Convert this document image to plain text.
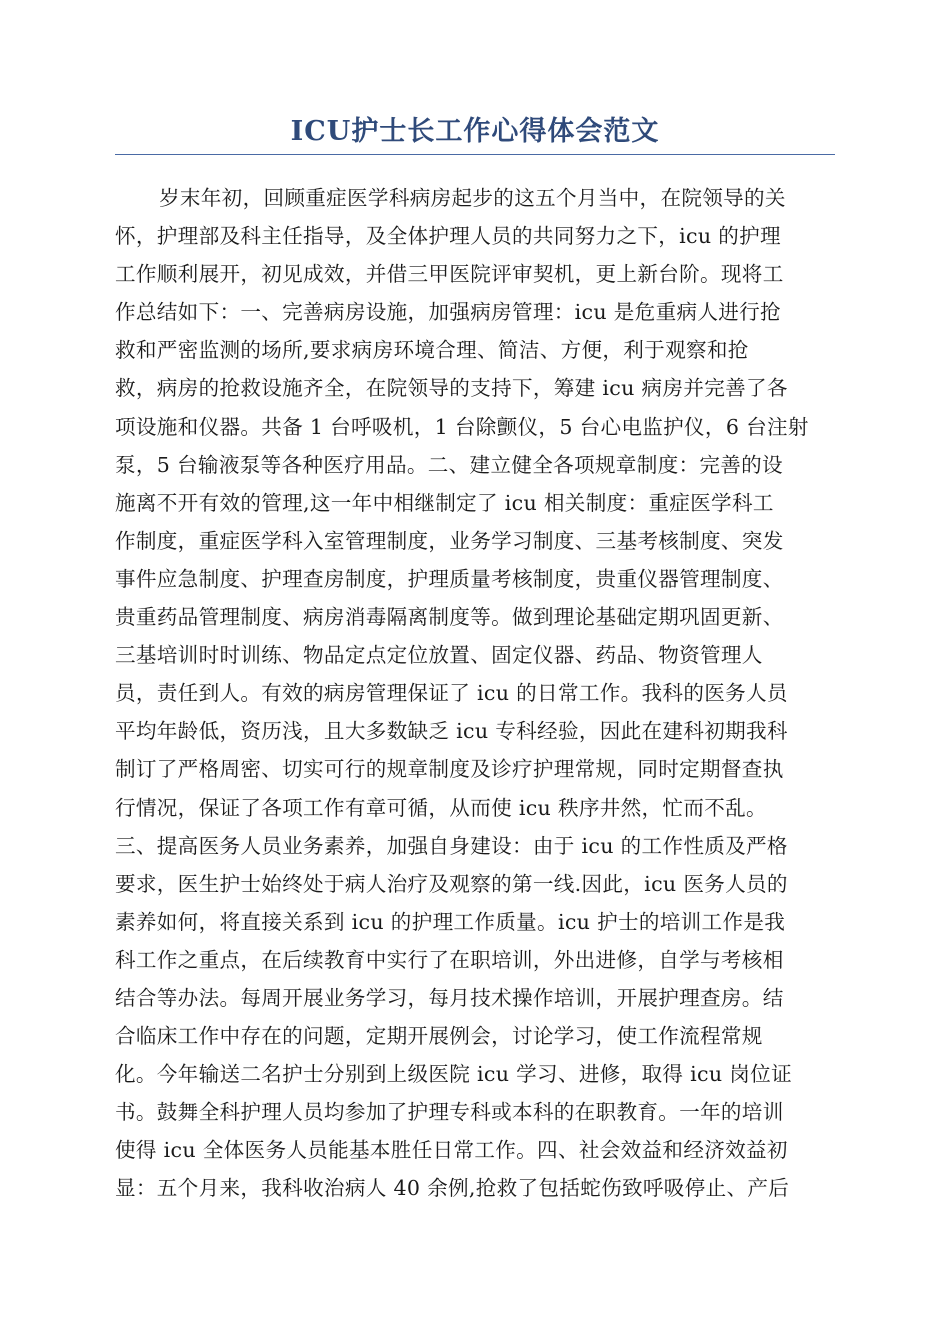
ICU护士长工作心得体会范文
岁末年初，回顾重症医学科病房起步的这五个月当中，在院领导的关
怀，护理部及科主任指导，及全体护理人员的共同努力之下，icu 的护理
工作顺利展开，初见成效，并借三甲医院评审契机，更上新台阶。现将工
作总结如下：一、完善病房设施，加强病房管理：icu 是危重病人进行抢
救和严密监测的场所,要求病房环境合理、简洁、方便，利于观察和抢
救，病房的抢救设施齐全，在院领导的支持下，筹建 icu 病房并完善了各
项设施和仪器。共备 1 台呼吸机，1 台除颤仪，5 台心电监护仪，6 台注射
泵，5 台输液泵等各种医疗用品。二、建立健全各项规章制度：完善的设
施离不开有效的管理,这一年中相继制定了 icu 相关制度：重症医学科工
作制度，重症医学科入室管理制度，业务学习制度、三基考核制度、突发
事件应急制度、护理查房制度，护理质量考核制度，贵重仪器管理制度、
贵重药品管理制度、病房消毒隔离制度等。做到理论基础定期巩固更新、
三基培训时时训练、物品定点定位放置、固定仪器、药品、物资管理人
员，责任到人。有效的病房管理保证了 icu 的日常工作。我科的医务人员
平均年龄低，资历浅，且大多数缺乏 icu 专科经验，因此在建科初期我科
制订了严格周密、切实可行的规章制度及诊疗护理常规，同时定期督查执
行情况，保证了各项工作有章可循，从而使 icu 秩序井然，忙而不乱。
三、提高医务人员业务素养，加强自身建设：由于 icu 的工作性质及严格
要求，医生护士始终处于病人治疗及观察的第一线.因此，icu 医务人员的
素养如何，将直接关系到 icu 的护理工作质量。icu 护士的培训工作是我
科工作之重点，在后续教育中实行了在职培训，外出进修，自学与考核相
结合等办法。每周开展业务学习，每月技术操作培训，开展护理查房。结
合临床工作中存在的问题，定期开展例会，讨论学习，使工作流程常规
化。今年输送二名护士分别到上级医院 icu 学习、进修，取得 icu 岗位证
书。鼓舞全科护理人员均参加了护理专科或本科的在职教育。一年的培训
使得 icu 全体医务人员能基本胜任日常工作。四、社会效益和经济效益初
显：五个月来，我科收治病人 40 余例,抢救了包括蛇伤致呼吸停止、产后
